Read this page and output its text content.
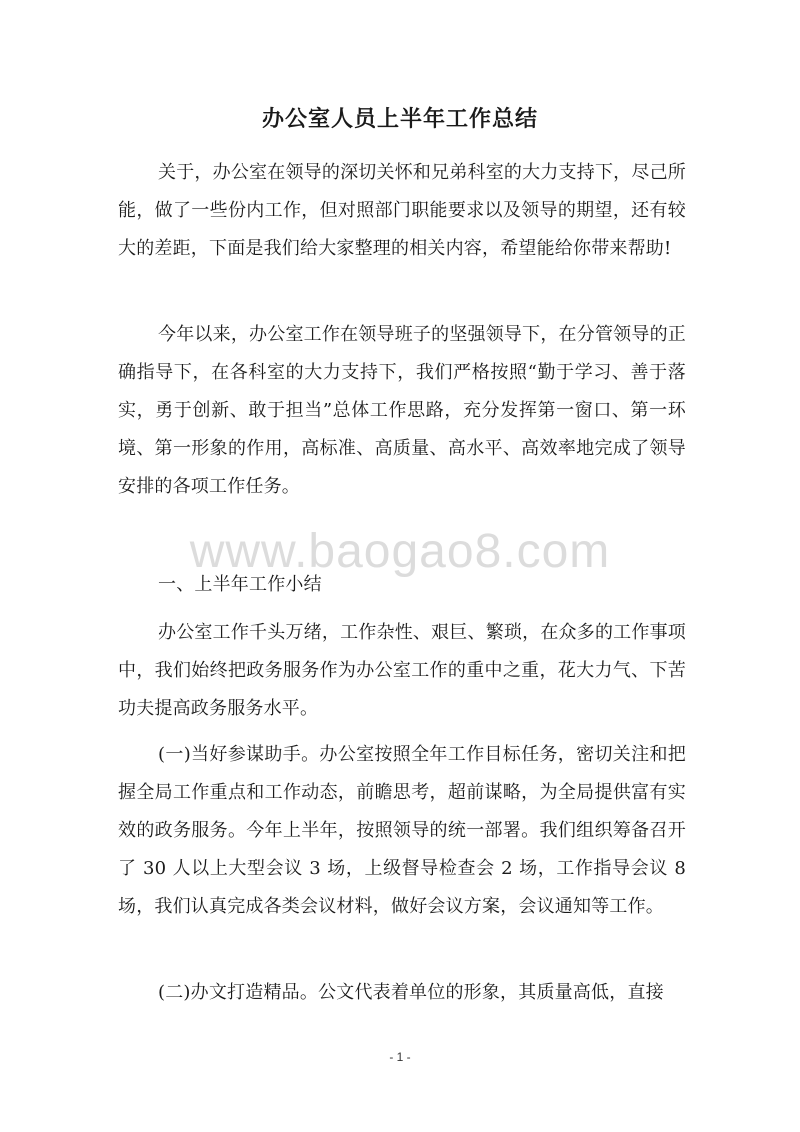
办公室人员上半年工作总结

关于，办公室在领导的深切关怀和兄弟科室的大力支持下，尽己所能，做了一些份内工作，但对照部门职能要求以及领导的期望，还有较大的差距，下面是我们给大家整理的相关内容，希望能给你带来帮助!

今年以来，办公室工作在领导班子的坚强领导下，在分管领导的正确指导下，在各科室的大力支持下，我们严格按照“勤于学习、善于落实，勇于创新、敢于担当”总体工作思路，充分发挥第一窗口、第一环境、第一形象的作用，高标准、高质量、高水平、高效率地完成了领导安排的各项工作任务。

www.baogao8.com

一、上半年工作小结

办公室工作千头万绪，工作杂性、艰巨、繁琐，在众多的工作事项中，我们始终把政务服务作为办公室工作的重中之重，花大力气、下苦功夫提高政务服务水平。

(一)当好参谋助手。办公室按照全年工作目标任务，密切关注和把握全局工作重点和工作动态，前瞻思考，超前谋略，为全局提供富有实效的政务服务。今年上半年，按照领导的统一部署。我们组织筹备召开了 30 人以上大型会议 3 场，上级督导检查会 2 场，工作指导会议 8 场，我们认真完成各类会议材料，做好会议方案，会议通知等工作。

(二)办文打造精品。公文代表着单位的形象，其质量高低，直接

- 1 -
